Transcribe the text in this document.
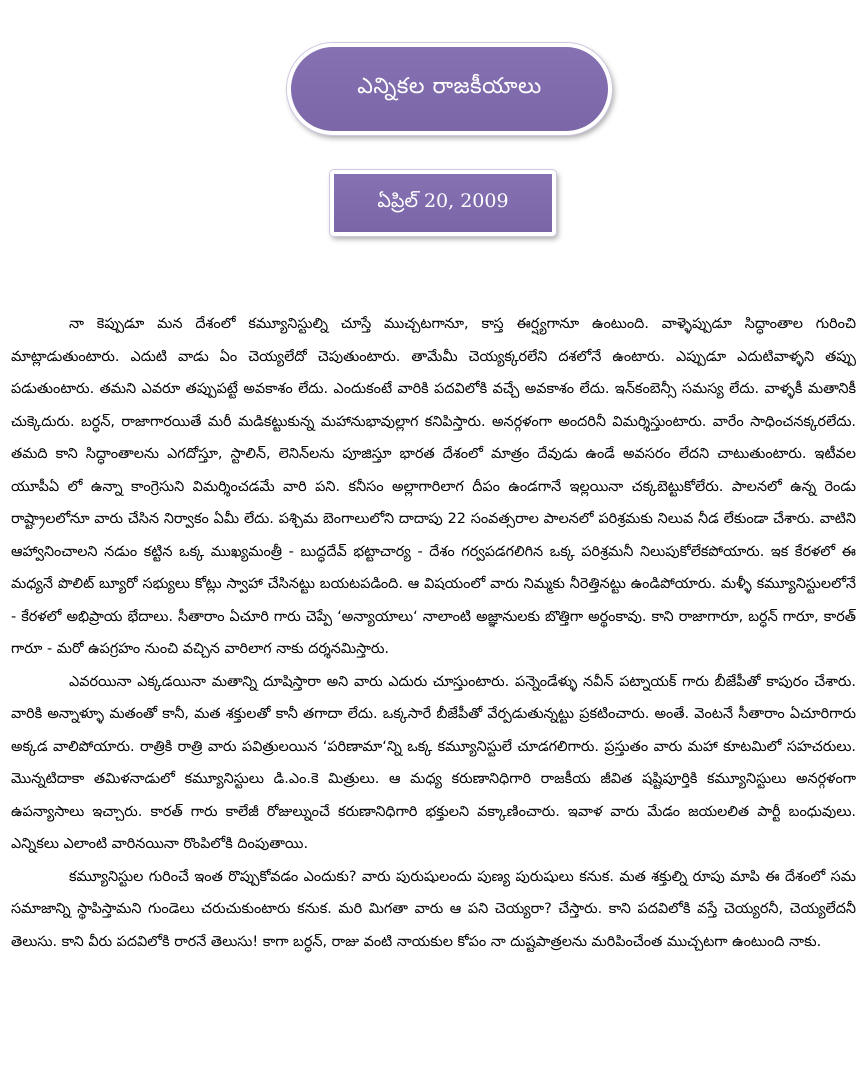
ఎన్నికల రాజకీయాలు
ఏప్రిల్ 20, 2009

నా కెప్పుడూ మన దేశంలో కమ్యూనిస్టుల్ని చూస్తే ముచ్చటగానూ, కాస్త ఈర్ష్యగానూ ఉంటుంది. వాళ్ళెప్పుడూ సిద్ధాంతాల గురించి మాట్లాడుతుంటారు. ఎదుటి వాడు ఏం చెయ్యలేదో చెపుతుంటారు. తామేమీ చెయ్యక్కరలేని దశలోనే ఉంటారు. ఎప్పుడూ ఎదుటివాళ్ళని తప్పు పడుతుంటారు. తమని ఎవరూ తప్పుపట్టే అవకాశం లేదు. ఎందుకంటే వారికి పదవిలోకి వచ్చే అవకాశం లేదు. ఇన్‌కంబెన్సీ సమస్య లేదు. వాళ్ళకీ మతానికీ చుక్కెదురు. బర్ధన్, రాజాగారయితే మరీ మడికట్టుకున్న మహానుభావుల్లాగ కనిపిస్తారు. అనర్గళంగా అందరినీ విమర్శిస్తుంటారు. వారేం సాధించనక్కరలేదు. తమది కాని సిద్ధాంతాలను ఎగదోస్తూ, స్టాలిన్, లెనిన్‌లను పూజిస్తూ భారత దేశంలో మాత్రం దేవుడు ఉండే అవసరం లేదని చాటుతుంటారు. ఇటీవల యూపీఏ లో ఉన్నా కాంగ్రెసుని విమర్శించడమే వారి పని. కనీసం అల్లాగారిలాగ దీపం ఉండగానే ఇల్లయినా చక్కబెట్టుకోలేరు. పాలనలో ఉన్న రెండు రాష్ట్రాలలోనూ వారు చేసిన నిర్వాకం ఏమీ లేదు. పశ్చిమ బెంగాలులోని దాదాపు 22 సంవత్సరాల పాలనలో పరిశ్రమకు నిలువ నీడ లేకుండా చేశారు. వాటిని ఆహ్వానించాలని నడుం కట్టిన ఒక్క ముఖ్యమంత్రీ - బుద్ధదేవ్ భట్టాచార్య - దేశం గర్వపడగలిగిన ఒక్క పరిశ్రమనీ నిలుపుకోలేకపోయారు. ఇక కేరళలో ఈ మధ్యనే పొలిట్ బ్యూరో సభ్యులు కోట్లు స్వాహా చేసినట్టు బయటపడింది. ఆ విషయంలో వారు నిమ్మకు నీరెత్తినట్టు ఉండిపోయారు. మళ్ళీ కమ్యూనిస్టులలోనే - కేరళలో అభిప్రాయ భేదాలు. సీతారాం ఏచూరి గారు చెప్పే ‘అన్యాయాలు‘ నాలాంటి అజ్ఞానులకు బొత్తిగా అర్థంకావు. కాని రాజాగారూ, బర్ధన్ గారూ, కారత్ గారూ - మరో ఉపగ్రహం నుంచి వచ్చిన వారిలాగ నాకు దర్శనమిస్తారు.

ఎవరయినా ఎక్కడయినా మతాన్ని దూషిస్తారా అని వారు ఎదురు చూస్తుంటారు. పన్నెండేళ్ళు నవీన్ పట్నాయక్ గారు బీజేపీతో కాపురం చేశారు. వారికి అన్నాళ్ళూ మతంతో కానీ, మత శక్తులతో కానీ తగాదా లేదు. ఒక్కసారే బీజేపీతో వేర్పడుతున్నట్టు ప్రకటించారు. అంతే. వెంటనే సీతారాం ఏచూరిగారు అక్కడ వాలిపోయారు. రాత్రికి రాత్రి వారు పవిత్రులయిన ‘పరిణామా‘న్ని ఒక్క కమ్యూనిస్టులే చూడగలిగారు. ప్రస్తుతం వారు మహా కూటమిలో సహచరులు. మొన్నటిదాకా తమిళనాడులో కమ్యూనిస్టులు డి.ఎం.కె మిత్రులు. ఆ మధ్య కరుణానిధిగారి రాజకీయ జీవిత షష్టిపూర్తికి కమ్యూనిస్టులు అనర్గళంగా ఉపన్యాసాలు ఇచ్చారు. కారత్ గారు కాలేజీ రోజుల్నుంచే కరుణానిధిగారి భక్తులని వక్కాణించారు. ఇవాళ వారు మేడం జయలలిత పార్టీ బంధువులు. ఎన్నికలు ఎలాంటి వారినయినా రొంపిలోకి దింపుతాయి.

కమ్యూనిస్టుల గురించే ఇంత రొప్పుకోవడం ఎందుకు? వారు పురుషులందు పుణ్య పురుషులు కనుక. మత శక్తుల్ని రూపు మాపి ఈ దేశంలో సమ సమాజాన్ని స్థాపిస్తామని గుండెలు చరుచుకుంటారు కనుక. మరి మిగతా వారు ఆ పని చెయ్యరా? చేస్తారు. కాని పదవిలోకి వస్తే చెయ్యరనీ, చెయ్యలేదనీ తెలుసు. కాని వీరు పదవిలోకి రారనే తెలుసు! కాగా బర్ధన్, రాజు వంటి నాయకుల కోపం నా దుష్టపాత్రలను మరిపించేంత ముచ్చటగా ఉంటుంది నాకు.
